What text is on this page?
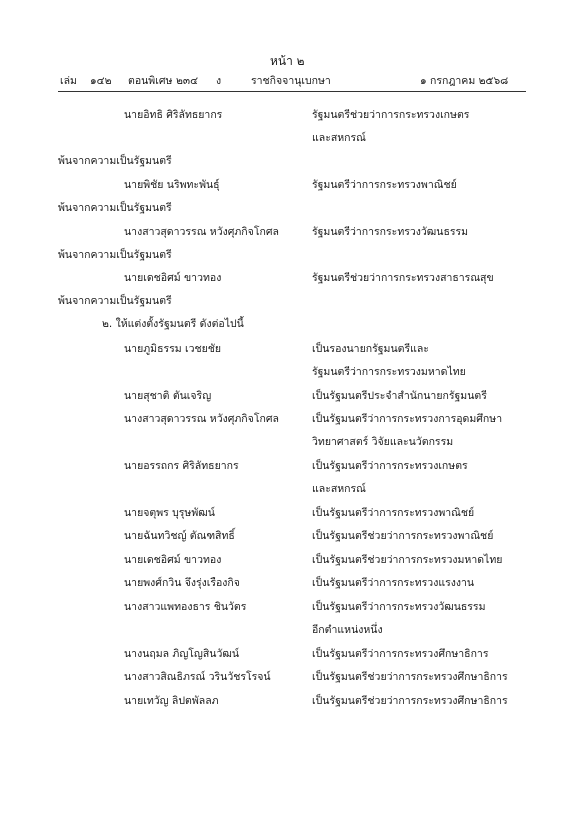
หน้า ๒
เล่ม ๑๔๒ ตอนพิเศษ ๒๓๔ ง	ราชกิจจานุเบกษา	๑ กรกฎาคม ๒๕๖๘
นายอิทธิ ศิริลัทธยากร	รัฐมนตรีช่วยว่าการกระทรวงเกษตร
และสหกรณ์
พ้นจากความเป็นรัฐมนตรี
นายพิชัย นริพทะพันธุ์	รัฐมนตรีว่าการกระทรวงพาณิชย์
พ้นจากความเป็นรัฐมนตรี
นางสาวสุดาวรรณ หวังศุภกิจโกศล	รัฐมนตรีว่าการกระทรวงวัฒนธรรม
พ้นจากความเป็นรัฐมนตรี
นายเดชอิศม์ ขาวทอง	รัฐมนตรีช่วยว่าการกระทรวงสาธารณสุข
พ้นจากความเป็นรัฐมนตรี
๒. ให้แต่งตั้งรัฐมนตรี ดังต่อไปนี้
นายภูมิธรรม เวชยชัย	เป็นรองนายกรัฐมนตรีและ
รัฐมนตรีว่าการกระทรวงมหาดไทย
นายสุชาติ ตันเจริญ	เป็นรัฐมนตรีประจำสำนักนายกรัฐมนตรี
นางสาวสุดาวรรณ หวังศุภกิจโกศล	เป็นรัฐมนตรีว่าการกระทรวงการอุดมศึกษา
วิทยาศาสตร์ วิจัยและนวัตกรรม
นายอรรถกร ศิริลัทธยากร	เป็นรัฐมนตรีว่าการกระทรวงเกษตร
และสหกรณ์
นายจตุพร บุรุษพัฒน์	เป็นรัฐมนตรีว่าการกระทรวงพาณิชย์
นายฉันทวิชญ์ ตัณฑสิทธิ์	เป็นรัฐมนตรีช่วยว่าการกระทรวงพาณิชย์
นายเดชอิศม์ ขาวทอง	เป็นรัฐมนตรีช่วยว่าการกระทรวงมหาดไทย
นายพงศ์กวิน จึงรุ่งเรืองกิจ	เป็นรัฐมนตรีว่าการกระทรวงแรงงาน
นางสาวแพทองธาร ชินวัตร	เป็นรัฐมนตรีว่าการกระทรวงวัฒนธรรม
อีกตำแหน่งหนึ่ง
นางนฤมล ภิญโญสินวัฒน์	เป็นรัฐมนตรีว่าการกระทรวงศึกษาธิการ
นางสาวสิณธิภรณ์ วรินวัชรโรจน์	เป็นรัฐมนตรีช่วยว่าการกระทรวงศึกษาธิการ
นายเทวัญ ลิปตพัลลภ	เป็นรัฐมนตรีช่วยว่าการกระทรวงศึกษาธิการ
